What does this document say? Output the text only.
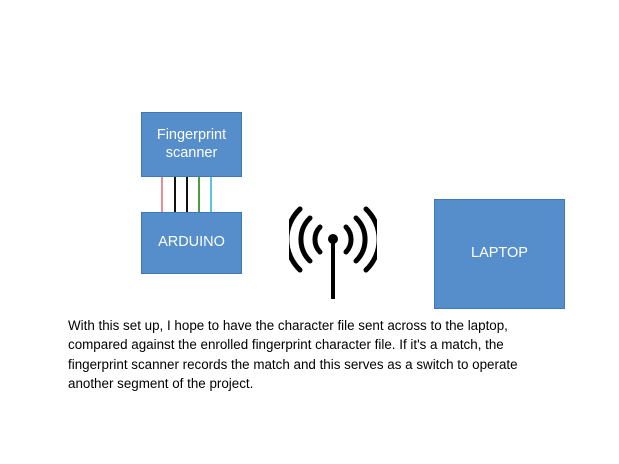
Fingerprint scanner
ARDUINO
LAPTOP
With this set up, I hope to have the character file sent across to the laptop, compared against the enrolled fingerprint character file. If it's a match, the fingerprint scanner records the match and this serves as a switch to operate another segment of the project.
